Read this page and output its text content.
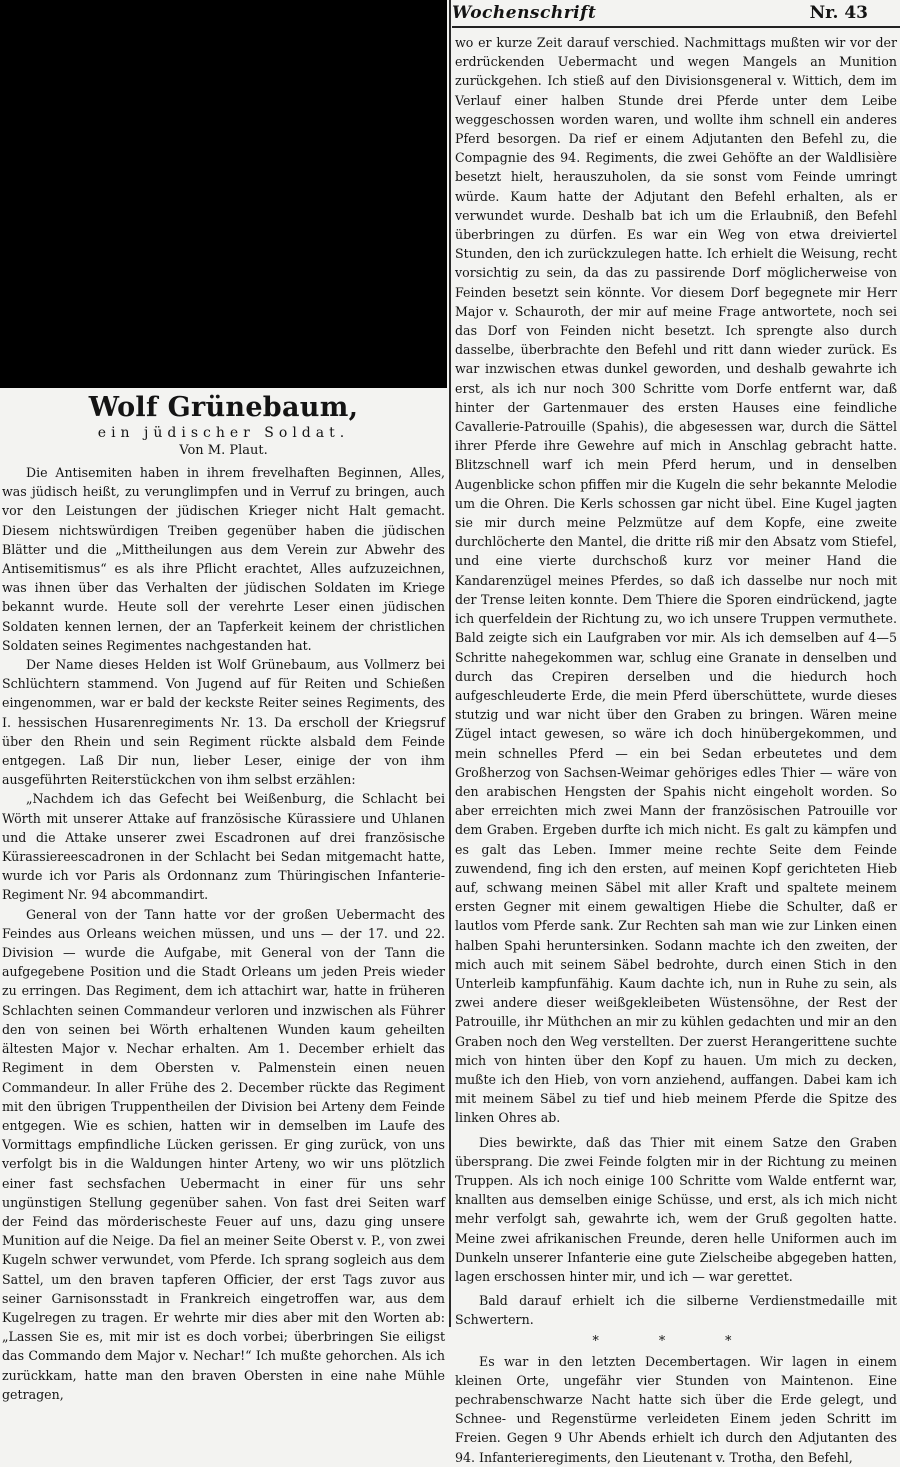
Wochenschrift	Nr. 43
Wolf Grünebaum,
ein jüdischer Soldat.
Von M. Plaut.

Die Antisemiten haben in ihrem frevelhaften Beginnen, Alles, was jüdisch heißt, zu verunglimpfen und in Verruf zu bringen, auch vor den Leistungen der jüdischen Krieger nicht Halt gemacht. Diesem nichtswürdigen Treiben gegenüber haben die jüdischen Blätter und die „Mittheilungen aus dem Verein zur Abwehr des Antisemitismus“ es als ihre Pflicht erachtet, Alles aufzuzeichnen, was ihnen über das Verhalten der jüdischen Soldaten im Kriege bekannt wurde. Heute soll der verehrte Leser einen jüdischen Soldaten kennen lernen, der an Tapferkeit keinem der christlichen Soldaten seines Regimentes nachgestanden hat.

Der Name dieses Helden ist Wolf Grünebaum, aus Vollmerz bei Schlüchtern stammend. Von Jugend auf für Reiten und Schießen eingenommen, war er bald der keckste Reiter seines Regiments, des I. hessischen Husarenregiments Nr. 13. Da erscholl der Kriegsruf über den Rhein und sein Regiment rückte alsbald dem Feinde entgegen. Laß Dir nun, lieber Leser, einige der von ihm ausgeführten Reiterstückchen von ihm selbst erzählen:

„Nachdem ich das Gefecht bei Weißenburg, die Schlacht bei Wörth mit unserer Attake auf französische Kürassiere und Uhlanen und die Attake unserer zwei Escadronen auf drei französische Kürassiereescadronen in der Schlacht bei Sedan mitgemacht hatte, wurde ich vor Paris als Ordonnanz zum Thüringischen Infanterie-Regiment Nr. 94 abcommandirt.

General von der Tann hatte vor der großen Uebermacht des Feindes aus Orleans weichen müssen, und uns — der 17. und 22. Division — wurde die Aufgabe, mit General von der Tann die aufgegebene Position und die Stadt Orleans um jeden Preis wieder zu erringen. Das Regiment, dem ich attachirt war, hatte in früheren Schlachten seinen Commandeur verloren und inzwischen als Führer den von seinen bei Wörth erhaltenen Wunden kaum geheilten ältesten Major v. Nechar erhalten. Am 1. December erhielt das Regiment in dem Obersten v. Palmenstein einen neuen Commandeur. In aller Frühe des 2. December rückte das Regiment mit den übrigen Truppentheilen der Division bei Arteny dem Feinde entgegen. Wie es schien, hatten wir in demselben im Laufe des Vormittags empfindliche Lücken gerissen. Er ging zurück, von uns verfolgt bis in die Waldungen hinter Arteny, wo wir uns plötzlich einer fast sechsfachen Uebermacht in einer für uns sehr ungünstigen Stellung gegenüber sahen. Von fast drei Seiten warf der Feind das mörderischeste Feuer auf uns, dazu ging unsere Munition auf die Neige. Da fiel an meiner Seite Oberst v. P., von zwei Kugeln schwer verwundet, vom Pferde. Ich sprang sogleich aus dem Sattel, um den braven tapferen Officier, der erst Tags zuvor aus seiner Garnisonsstadt in Frankreich eingetroffen war, aus dem Kugelregen zu tragen. Er wehrte mir dies aber mit den Worten ab: „Lassen Sie es, mit mir ist es doch vorbei; überbringen Sie eiligst das Commando dem Major v. Nechar!“ Ich mußte gehorchen. Als ich zurückkam, hatte man den braven Obersten in eine nahe Mühle getragen,

wo er kurze Zeit darauf verschied. Nachmittags mußten wir vor der erdrückenden Uebermacht und wegen Mangels an Munition zurückgehen. Ich stieß auf den Divisionsgeneral v. Wittich, dem im Verlauf einer halben Stunde drei Pferde unter dem Leibe weggeschossen worden waren, und wollte ihm schnell ein anderes Pferd besorgen. Da rief er einem Adjutanten den Befehl zu, die Compagnie des 94. Regiments, die zwei Gehöfte an der Waldlisière besetzt hielt, herauszuholen, da sie sonst vom Feinde umringt würde. Kaum hatte der Adjutant den Befehl erhalten, als er verwundet wurde. Deshalb bat ich um die Erlaubniß, den Befehl überbringen zu dürfen. Es war ein Weg von etwa dreiviertel Stunden, den ich zurückzulegen hatte. Ich erhielt die Weisung, recht vorsichtig zu sein, da das zu passirende Dorf möglicherweise von Feinden besetzt sein könnte. Vor diesem Dorf begegnete mir Herr Major v. Schauroth, der mir auf meine Frage antwortete, noch sei das Dorf von Feinden nicht besetzt. Ich sprengte also durch dasselbe, überbrachte den Befehl und ritt dann wieder zurück. Es war inzwischen etwas dunkel geworden, und deshalb gewahrte ich erst, als ich nur noch 300 Schritte vom Dorfe entfernt war, daß hinter der Gartenmauer des ersten Hauses eine feindliche Cavallerie-Patrouille (Spahis), die abgesessen war, durch die Sättel ihrer Pferde ihre Gewehre auf mich in Anschlag gebracht hatte. Blitzschnell warf ich mein Pferd herum, und in denselben Augenblicke schon pfiffen mir die Kugeln die sehr bekannte Melodie um die Ohren. Die Kerls schossen gar nicht übel. Eine Kugel jagten sie mir durch meine Pelzmütze auf dem Kopfe, eine zweite durchlöcherte den Mantel, die dritte riß mir den Absatz vom Stiefel, und eine vierte durchschoß kurz vor meiner Hand die Kandarenzügel meines Pferdes, so daß ich dasselbe nur noch mit der Trense leiten konnte. Dem Thiere die Sporen eindrückend, jagte ich querfeldein der Richtung zu, wo ich unsere Truppen vermuthete. Bald zeigte sich ein Laufgraben vor mir. Als ich demselben auf 4—5 Schritte nahegekommen war, schlug eine Granate in denselben und durch das Crepiren derselben und die hiedurch hoch aufgeschleuderte Erde, die mein Pferd überschüttete, wurde dieses stutzig und war nicht über den Graben zu bringen. Wären meine Zügel intact gewesen, so wäre ich doch hinübergekommen, und mein schnelles Pferd — ein bei Sedan erbeutetes und dem Großherzog von Sachsen-Weimar gehöriges edles Thier — wäre von den arabischen Hengsten der Spahis nicht eingeholt worden. So aber erreichten mich zwei Mann der französischen Patrouille vor dem Graben. Ergeben durfte ich mich nicht. Es galt zu kämpfen und es galt das Leben. Immer meine rechte Seite dem Feinde zuwendend, fing ich den ersten, auf meinen Kopf gerichteten Hieb auf, schwang meinen Säbel mit aller Kraft und spaltete meinem ersten Gegner mit einem gewaltigen Hiebe die Schulter, daß er lautlos vom Pferde sank. Zur Rechten sah man wie zur Linken einen halben Spahi heruntersinken. Sodann machte ich den zweiten, der mich auch mit seinem Säbel bedrohte, durch einen Stich in den Unterleib kampfunfähig. Kaum dachte ich, nun in Ruhe zu sein, als zwei andere dieser weißgekleibeten Wüstensöhne, der Rest der Patrouille, ihr Müthchen an mir zu kühlen gedachten und mir an den Graben noch den Weg verstellten. Der zuerst Herangerittene suchte mich von hinten über den Kopf zu hauen. Um mich zu decken, mußte ich den Hieb, von vorn anziehend, auffangen. Dabei kam ich mit meinem Säbel zu tief und hieb meinem Pferde die Spitze des linken Ohres ab.

Dies bewirkte, daß das Thier mit einem Satze den Graben übersprang. Die zwei Feinde folgten mir in der Richtung zu meinen Truppen. Als ich noch einige 100 Schritte vom Walde entfernt war, knallten aus demselben einige Schüsse, und erst, als ich mich nicht mehr verfolgt sah, gewahrte ich, wem der Gruß gegolten hatte. Meine zwei afrikanischen Freunde, deren helle Uniformen auch im Dunkeln unserer Infanterie eine gute Zielscheibe abgegeben hatten, lagen erschossen hinter mir, und ich — war gerettet.

Bald darauf erhielt ich die silberne Verdienstmedaille mit Schwertern.

* * *

Es war in den letzten Decembertagen. Wir lagen in einem kleinen Orte, ungefähr vier Stunden von Maintenon. Eine pechrabenschwarze Nacht hatte sich über die Erde gelegt, und Schnee- und Regenstürme verleideten Einem jeden Schritt im Freien. Gegen 9 Uhr Abends erhielt ich durch den Adjutanten des 94. Infanterieregiments, den Lieutenant v. Trotha, den Befehl,
